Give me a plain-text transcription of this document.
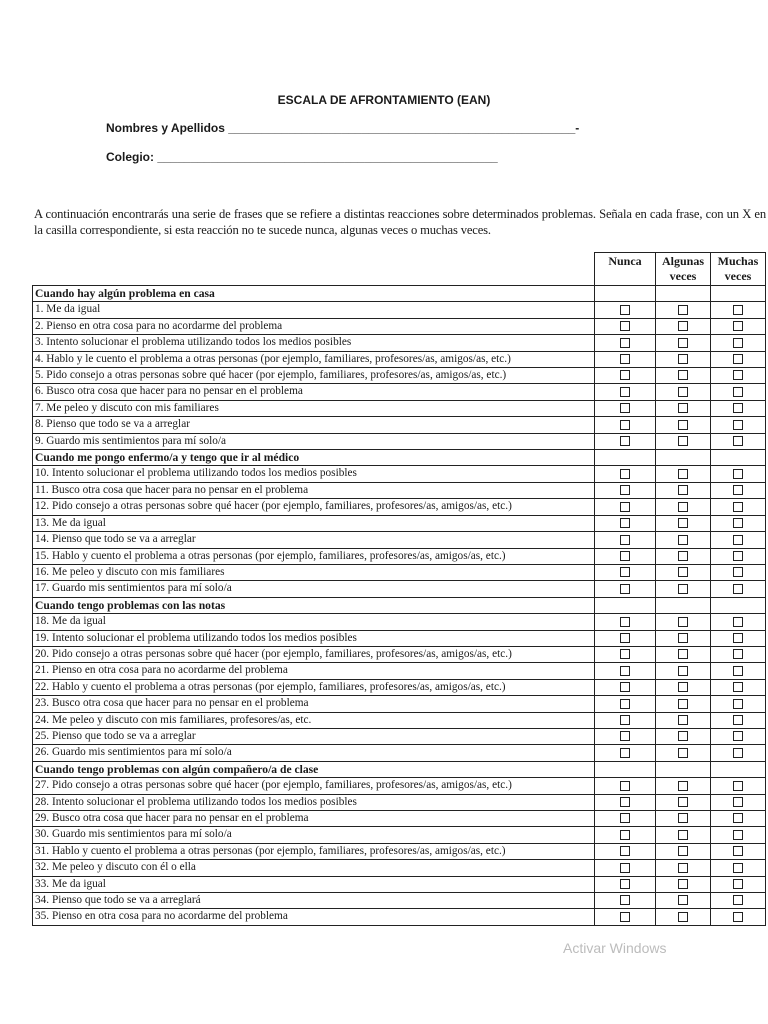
ESCALA DE AFRONTAMIENTO (EAN)
Nombres y Apellidos ____________________________________________________-
Colegio: ___________________________________________________
A continuación encontrarás una serie de frases que se refiere a distintas reacciones sobre determinados problemas. Señala en cada frase, con un X en la casilla correspondiente, si esta reacción no te sucede nunca, algunas veces o muchas veces.
	Nunca	Algunas veces	Muchas veces
Cuando hay algún problema en casa			
1. Me da igual			
2. Pienso en otra cosa para no acordarme del problema			
3. Intento solucionar el problema utilizando todos los medios posibles			
4. Hablo y le cuento el problema a otras personas (por ejemplo, familiares, profesores/as, amigos/as, etc.)			
5. Pido consejo a otras personas sobre qué hacer (por ejemplo, familiares, profesores/as, amigos/as, etc.)			
6. Busco otra cosa que hacer para no pensar en el problema			
7. Me peleo y discuto con mis familiares			
8. Pienso que todo se va a arreglar			
9. Guardo mis sentimientos para mí solo/a			
Cuando me pongo enfermo/a y tengo que ir al médico			
10. Intento solucionar el problema utilizando todos los medios posibles			
11. Busco otra cosa que hacer para no pensar en el problema			
12. Pido consejo a otras personas sobre qué hacer (por ejemplo, familiares, profesores/as, amigos/as, etc.)			
13. Me da igual			
14. Pienso que todo se va a arreglar			
15. Hablo y cuento el problema a otras personas (por ejemplo, familiares, profesores/as, amigos/as, etc.)			
16. Me peleo y discuto con mis familiares			
17. Guardo mis sentimientos para mí solo/a			
Cuando tengo problemas con las notas			
18. Me da igual			
19. Intento solucionar el problema utilizando todos los medios posibles			
20. Pido consejo a otras personas sobre qué hacer (por ejemplo, familiares, profesores/as, amigos/as, etc.)			
21. Pienso en otra cosa para no acordarme del problema			
22. Hablo y cuento el problema a otras personas (por ejemplo, familiares, profesores/as, amigos/as, etc.)			
23. Busco otra cosa que hacer para no pensar en el problema			
24. Me peleo y discuto con mis familiares, profesores/as, etc.			
25. Pienso que todo se va a arreglar			
26. Guardo mis sentimientos para mí solo/a			
Cuando tengo problemas con algún compañero/a de clase			
27. Pido consejo a otras personas sobre qué hacer (por ejemplo, familiares, profesores/as, amigos/as, etc.)			
28. Intento solucionar el problema utilizando todos los medios posibles			
29. Busco otra cosa que hacer para no pensar en el problema			
30. Guardo mis sentimientos para mí solo/a			
31. Hablo y cuento el problema a otras personas (por ejemplo, familiares, profesores/as, amigos/as, etc.)			
32. Me peleo y discuto con él o ella			
33. Me da igual			
34. Pienso que todo se va a arreglará			
35. Pienso en otra cosa para no acordarme del problema			
Activar Windows
